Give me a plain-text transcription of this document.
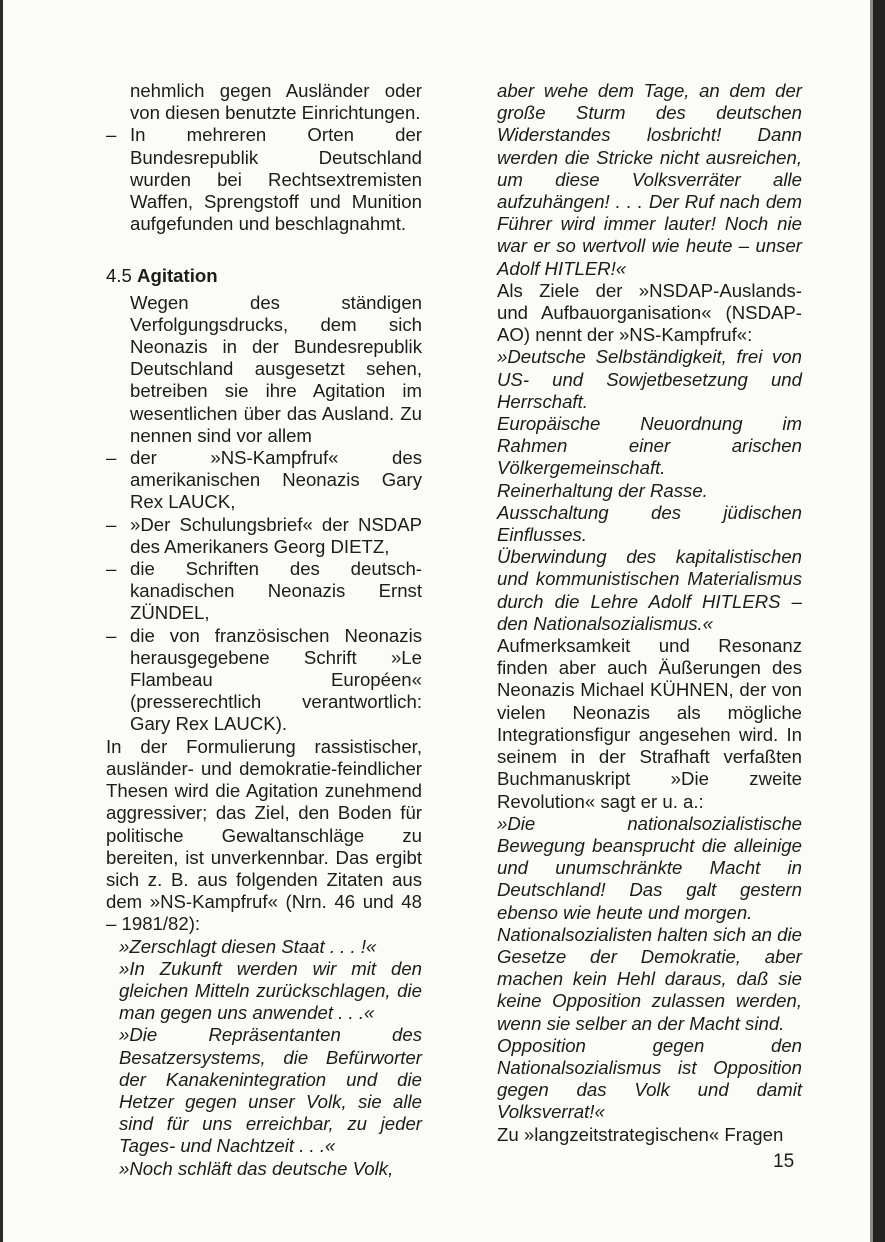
nehmlich gegen Ausländer oder von diesen benutzte Einrichtungen.

– In mehreren Orten der Bundesrepublik Deutschland wurden bei Rechtsextremisten Waffen, Sprengstoff und Munition aufgefunden und beschlagnahmt.

4.5 Agitation

Wegen des ständigen Verfolgungsdrucks, dem sich Neonazis in der Bundesrepublik Deutschland ausgesetzt sehen, betreiben sie ihre Agitation im wesentlichen über das Ausland. Zu nennen sind vor allem

– der »NS-Kampfruf« des amerikanischen Neonazis Gary Rex LAUCK,

– »Der Schulungsbrief« der NSDAP des Amerikaners Georg DIETZ,

– die Schriften des deutsch-kanadischen Neonazis Ernst ZÜNDEL,

– die von französischen Neonazis herausgegebene Schrift »Le Flambeau Européen« (presserechtlich verantwortlich: Gary Rex LAUCK).

In der Formulierung rassistischer, ausländer- und demokratie-feindlicher Thesen wird die Agitation zunehmend aggressiver; das Ziel, den Boden für politische Gewaltanschläge zu bereiten, ist unverkennbar. Das ergibt sich z. B. aus folgenden Zitaten aus dem »NS-Kampfruf« (Nrn. 46 und 48 – 1981/82):

»Zerschlagt diesen Staat . . . !«

»In Zukunft werden wir mit den gleichen Mitteln zurückschlagen, die man gegen uns anwendet . . .«

»Die Repräsentanten des Besatzersystems, die Befürworter der Kanakenintegration und die Hetzer gegen unser Volk, sie alle sind für uns erreichbar, zu jeder Tages- und Nachtzeit . . .«

»Noch schläft das deutsche Volk,

aber wehe dem Tage, an dem der große Sturm des deutschen Widerstandes losbricht! Dann werden die Stricke nicht ausreichen, um diese Volksverräter alle aufzuhängen! . . . Der Ruf nach dem Führer wird immer lauter! Noch nie war er so wertvoll wie heute – unser Adolf HITLER!«

Als Ziele der »NSDAP-Auslands- und Aufbauorganisation« (NSDAP-AO) nennt der »NS-Kampfruf«:

»Deutsche Selbständigkeit, frei von US- und Sowjetbesetzung und Herrschaft.

Europäische Neuordnung im Rahmen einer arischen Völkergemeinschaft.

Reinerhaltung der Rasse.

Ausschaltung des jüdischen Einflusses.

Überwindung des kapitalistischen und kommunistischen Materialismus durch die Lehre Adolf HITLERS – den Nationalsozialismus.«

Aufmerksamkeit und Resonanz finden aber auch Äußerungen des Neonazis Michael KÜHNEN, der von vielen Neonazis als mögliche Integrationsfigur angesehen wird. In seinem in der Strafhaft verfaßten Buchmanuskript »Die zweite Revolution« sagt er u. a.:

»Die nationalsozialistische Bewegung beansprucht die alleinige und unumschränkte Macht in Deutschland! Das galt gestern ebenso wie heute und morgen.

Nationalsozialisten halten sich an die Gesetze der Demokratie, aber machen kein Hehl daraus, daß sie keine Opposition zulassen werden, wenn sie selber an der Macht sind.

Opposition gegen den Nationalsozialismus ist Opposition gegen das Volk und damit Volksverrat!«

Zu »langzeitstrategischen« Fragen

15
